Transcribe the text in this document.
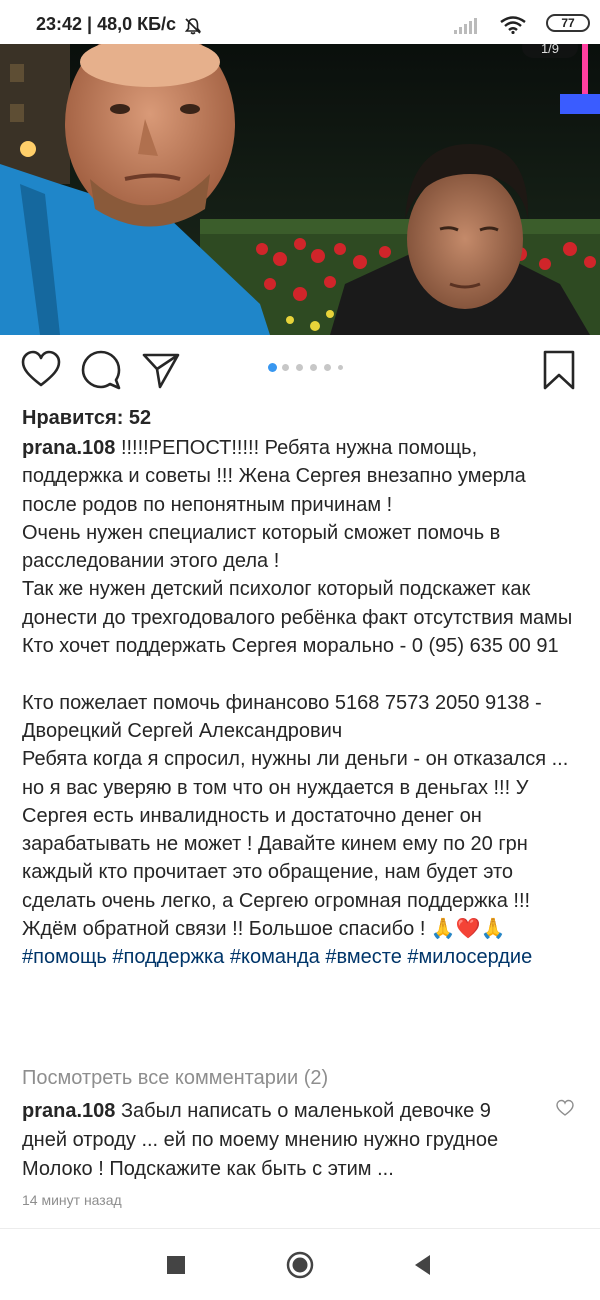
23:42 | 48,0 КБ/с	77
1/9
Нравится: 52
prana.108 !!!!!РЕПОСТ!!!!! Ребята нужна помощь, поддержка и советы !!! Жена Сергея внезапно умерла после родов по непонятным причинам !
Очень нужен специалист который сможет помочь в расследовании этого дела !
Так же нужен детский психолог который подскажет как донести до трехгодовалого ребёнка факт отсутствия мамы
Кто хочет поддержать Сергея морально - 0 (95) 635 00 91

Кто пожелает помочь финансово 5168 7573 2050 9138 - Дворецкий Сергей Александрович
Ребята когда я спросил, нужны ли деньги - он отказался ... но я вас уверяю в том что он нуждается в деньгах !!! У Сергея есть инвалидность и достаточно денег он зарабатывать не может ! Давайте кинем ему по 20 грн каждый кто прочитает это обращение, нам будет это сделать очень легко, а Сергею огромная поддержка !!! Ждём обратной связи !! Большое спасибо ! 🙏❤️🙏 #помощь #поддержка #команда #вместе #милосердие
Посмотреть все комментарии (2)
prana.108 Забыл написать о маленькой девочке 9 дней отроду ... ей по моему мнению нужно грудное Молоко ! Подскажите как быть с этим ...
14 минут назад
